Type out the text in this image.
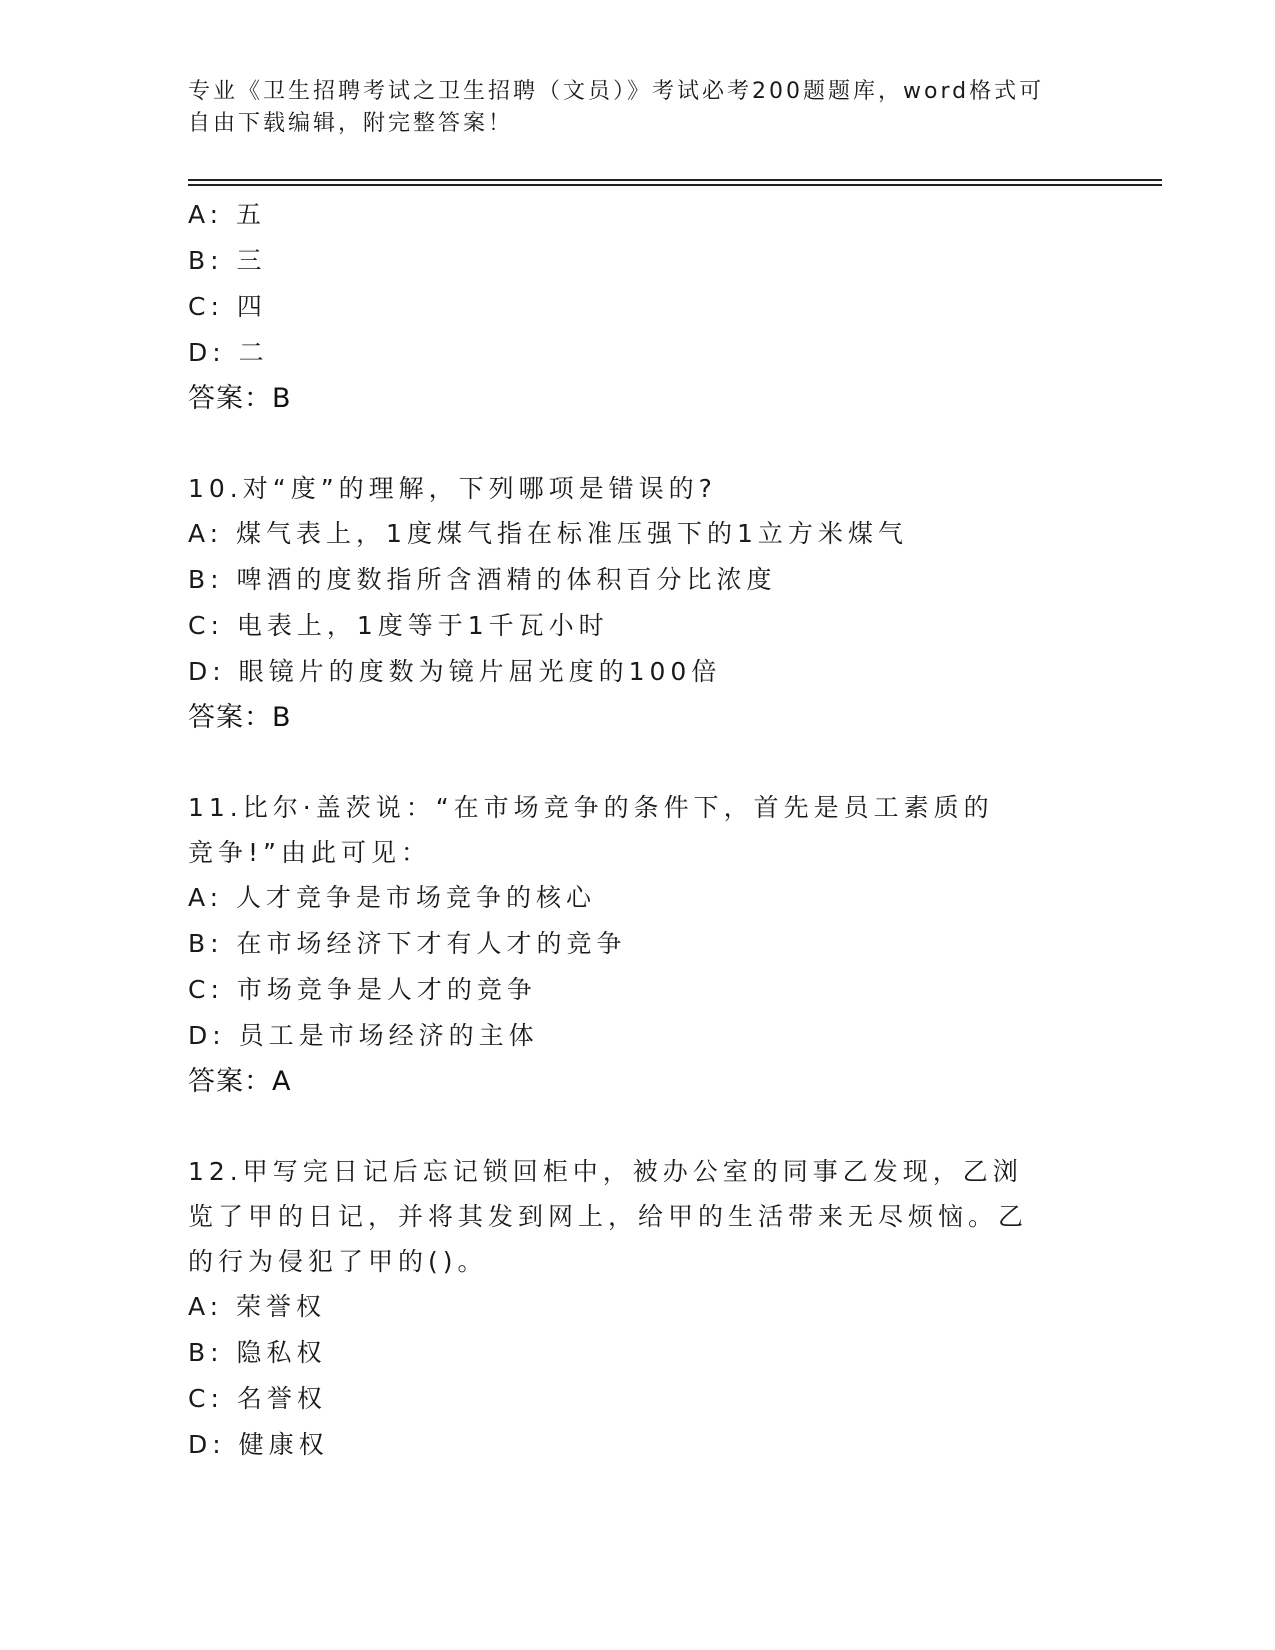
专业《卫生招聘考试之卫生招聘（文员）》考试必考200题题库，word格式可自由下载编辑，附完整答案！
A: 五
B: 三
C: 四
D: 二
答案：B
10.对“度”的理解，下列哪项是错误的?
A: 煤气表上，1度煤气指在标准压强下的1立方米煤气
B: 啤酒的度数指所含酒精的体积百分比浓度
C: 电表上，1度等于1千瓦小时
D: 眼镜片的度数为镜片屈光度的100倍
答案：B
11.比尔·盖茨说：“在市场竞争的条件下，首先是员工素质的竞争!”由此可见：
A: 人才竞争是市场竞争的核心
B: 在市场经济下才有人才的竞争
C: 市场竞争是人才的竞争
D: 员工是市场经济的主体
答案：A
12.甲写完日记后忘记锁回柜中，被办公室的同事乙发现，乙浏览了甲的日记，并将其发到网上，给甲的生活带来无尽烦恼。乙的行为侵犯了甲的()。
A: 荣誉权
B: 隐私权
C: 名誉权
D: 健康权
